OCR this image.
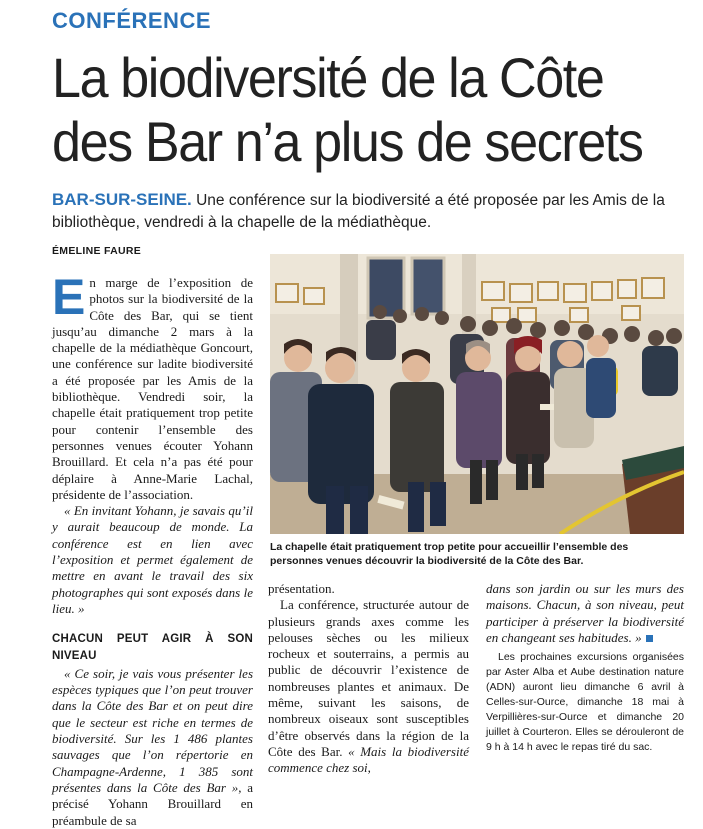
CONFÉRENCE
La biodiversité de la Côte des Bar n’a plus de secrets
BAR-SUR-SEINE. Une conférence sur la biodiversité a été proposée par les Amis de la bibliothèque, vendredi à la chapelle de la médiathèque.
ÉMELINE FAURE

En marge de l’exposition de photos sur la biodiversité de la Côte des Bar, qui se tient jusqu’au dimanche 2 mars à la chapelle de la médiathèque Goncourt, une conférence sur ladite biodiversité a été proposée par les Amis de la bibliothèque. Vendredi soir, la chapelle était pratiquement trop petite pour contenir l’ensemble des personnes venues écouter Yohann Brouillard. Et cela n’a pas été pour déplaire à Anne-Marie Lachal, présidente de l’association.

« En invitant Yohann, je savais qu’il y aurait beaucoup de monde. La conférence est en lien avec l’exposition et permet également de mettre en avant le travail des six photographes qui sont exposés dans le lieu. »

CHACUN PEUT AGIR À SON NIVEAU

« Ce soir, je vais vous présenter les espèces typiques que l’on peut trouver dans la Côte des Bar et on peut dire que le secteur est riche en termes de biodiversité. Sur les 1 486 plantes sauvages que l’on répertorie en Champagne-Ardenne, 1 385 sont présentes dans la Côte des Bar », a précisé Yohann Brouillard en préambule de sa

La chapelle était pratiquement trop petite pour accueillir l’ensemble des personnes venues découvrir la biodiversité de la Côte des Bar.

présentation.

La conférence, structurée autour de plusieurs grands axes comme les pelouses sèches ou les milieux rocheux et souterrains, a permis au public de découvrir l’existence de nombreuses plantes et animaux. De même, suivant les saisons, de nombreux oiseaux sont susceptibles d’être observés dans la région de la Côte des Bar. « Mais la biodiversité commence chez soi,

dans son jardin ou sur les murs des maisons. Chacun, à son niveau, peut participer à préserver la biodiversité en changeant ses habitudes. »

Les prochaines excursions organisées par Aster Alba et Aube destination nature (ADN) auront lieu dimanche 6 avril à Celles-sur-Ource, dimanche 18 mai à Verpillières-sur-Ource et dimanche 20 juillet à Courteron. Elles se dérouleront de 9 h à 14 h avec le repas tiré du sac.
